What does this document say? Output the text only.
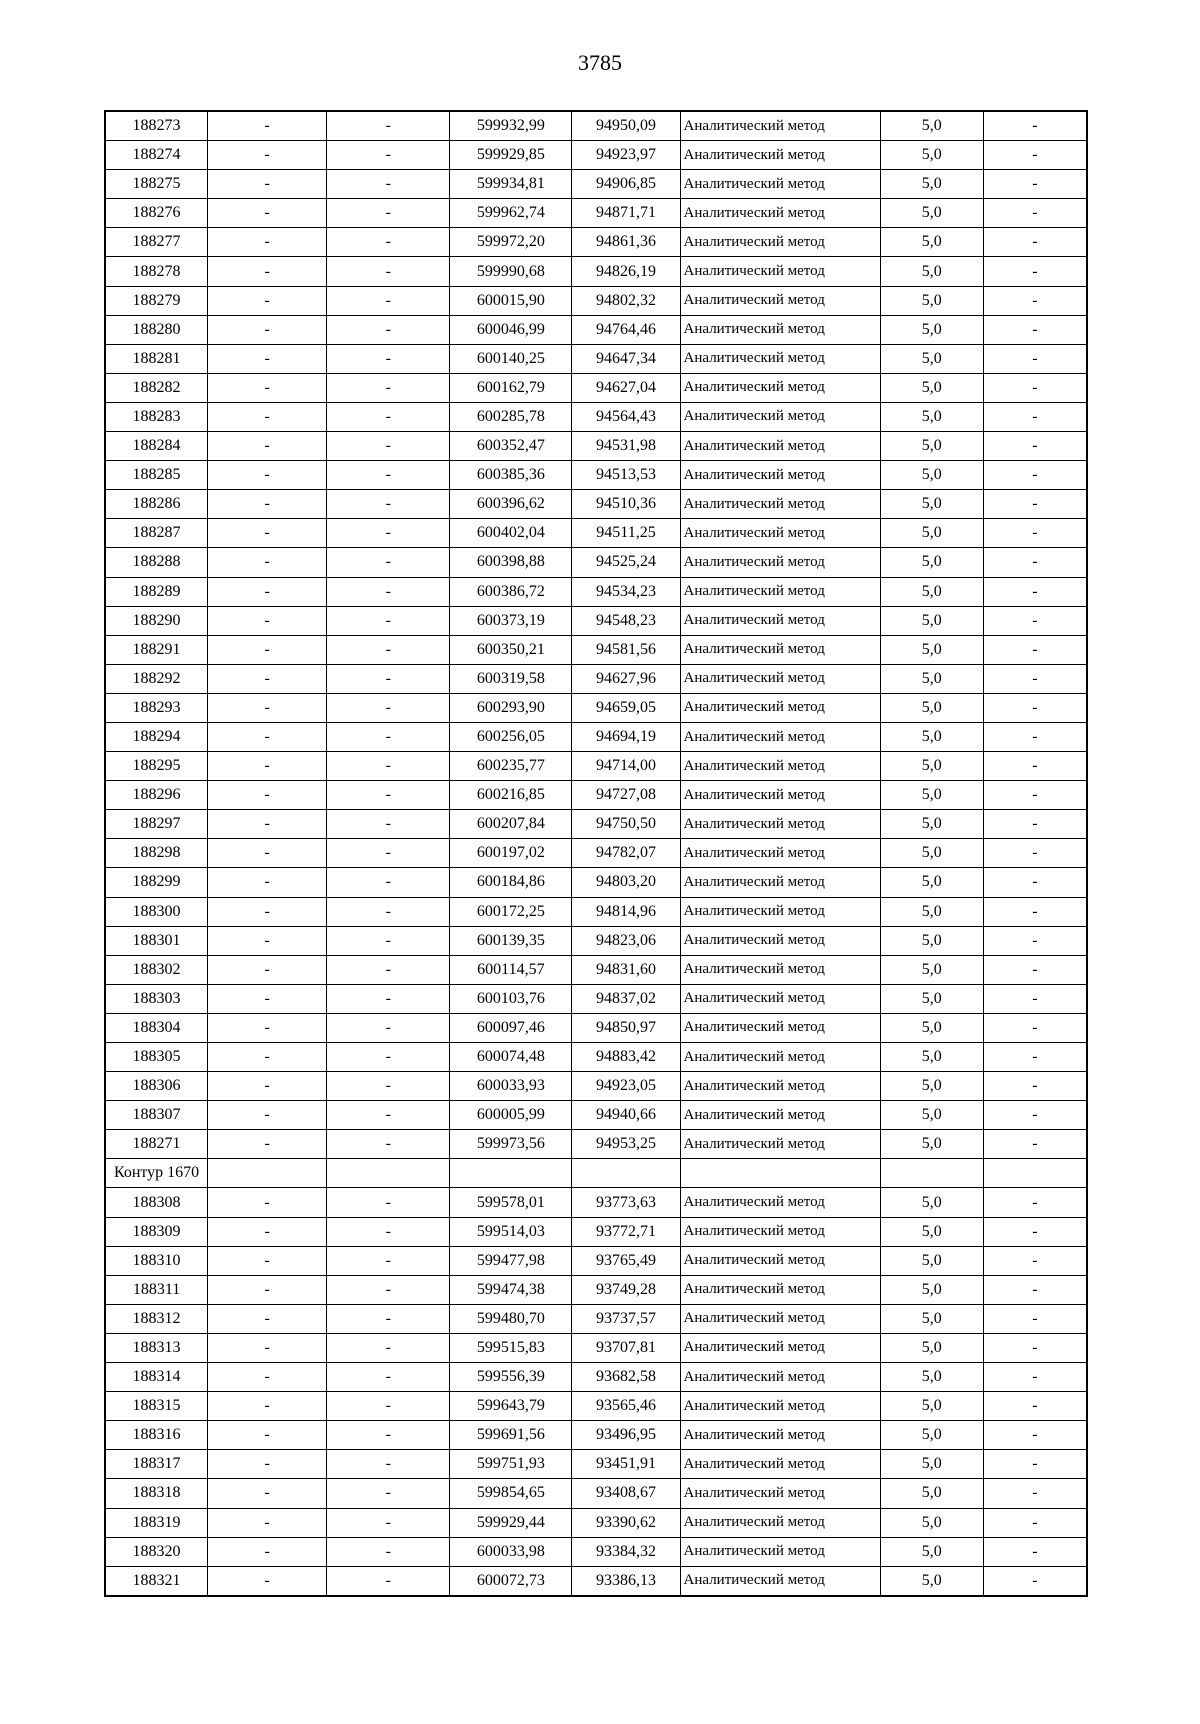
3785
188273	-	-	599932,99	94950,09	Аналитический метод	5,0	-
188274	-	-	599929,85	94923,97	Аналитический метод	5,0	-
188275	-	-	599934,81	94906,85	Аналитический метод	5,0	-
188276	-	-	599962,74	94871,71	Аналитический метод	5,0	-
188277	-	-	599972,20	94861,36	Аналитический метод	5,0	-
188278	-	-	599990,68	94826,19	Аналитический метод	5,0	-
188279	-	-	600015,90	94802,32	Аналитический метод	5,0	-
188280	-	-	600046,99	94764,46	Аналитический метод	5,0	-
188281	-	-	600140,25	94647,34	Аналитический метод	5,0	-
188282	-	-	600162,79	94627,04	Аналитический метод	5,0	-
188283	-	-	600285,78	94564,43	Аналитический метод	5,0	-
188284	-	-	600352,47	94531,98	Аналитический метод	5,0	-
188285	-	-	600385,36	94513,53	Аналитический метод	5,0	-
188286	-	-	600396,62	94510,36	Аналитический метод	5,0	-
188287	-	-	600402,04	94511,25	Аналитический метод	5,0	-
188288	-	-	600398,88	94525,24	Аналитический метод	5,0	-
188289	-	-	600386,72	94534,23	Аналитический метод	5,0	-
188290	-	-	600373,19	94548,23	Аналитический метод	5,0	-
188291	-	-	600350,21	94581,56	Аналитический метод	5,0	-
188292	-	-	600319,58	94627,96	Аналитический метод	5,0	-
188293	-	-	600293,90	94659,05	Аналитический метод	5,0	-
188294	-	-	600256,05	94694,19	Аналитический метод	5,0	-
188295	-	-	600235,77	94714,00	Аналитический метод	5,0	-
188296	-	-	600216,85	94727,08	Аналитический метод	5,0	-
188297	-	-	600207,84	94750,50	Аналитический метод	5,0	-
188298	-	-	600197,02	94782,07	Аналитический метод	5,0	-
188299	-	-	600184,86	94803,20	Аналитический метод	5,0	-
188300	-	-	600172,25	94814,96	Аналитический метод	5,0	-
188301	-	-	600139,35	94823,06	Аналитический метод	5,0	-
188302	-	-	600114,57	94831,60	Аналитический метод	5,0	-
188303	-	-	600103,76	94837,02	Аналитический метод	5,0	-
188304	-	-	600097,46	94850,97	Аналитический метод	5,0	-
188305	-	-	600074,48	94883,42	Аналитический метод	5,0	-
188306	-	-	600033,93	94923,05	Аналитический метод	5,0	-
188307	-	-	600005,99	94940,66	Аналитический метод	5,0	-
188271	-	-	599973,56	94953,25	Аналитический метод	5,0	-
Контур 1670							
188308	-	-	599578,01	93773,63	Аналитический метод	5,0	-
188309	-	-	599514,03	93772,71	Аналитический метод	5,0	-
188310	-	-	599477,98	93765,49	Аналитический метод	5,0	-
188311	-	-	599474,38	93749,28	Аналитический метод	5,0	-
188312	-	-	599480,70	93737,57	Аналитический метод	5,0	-
188313	-	-	599515,83	93707,81	Аналитический метод	5,0	-
188314	-	-	599556,39	93682,58	Аналитический метод	5,0	-
188315	-	-	599643,79	93565,46	Аналитический метод	5,0	-
188316	-	-	599691,56	93496,95	Аналитический метод	5,0	-
188317	-	-	599751,93	93451,91	Аналитический метод	5,0	-
188318	-	-	599854,65	93408,67	Аналитический метод	5,0	-
188319	-	-	599929,44	93390,62	Аналитический метод	5,0	-
188320	-	-	600033,98	93384,32	Аналитический метод	5,0	-
188321	-	-	600072,73	93386,13	Аналитический метод	5,0	-
